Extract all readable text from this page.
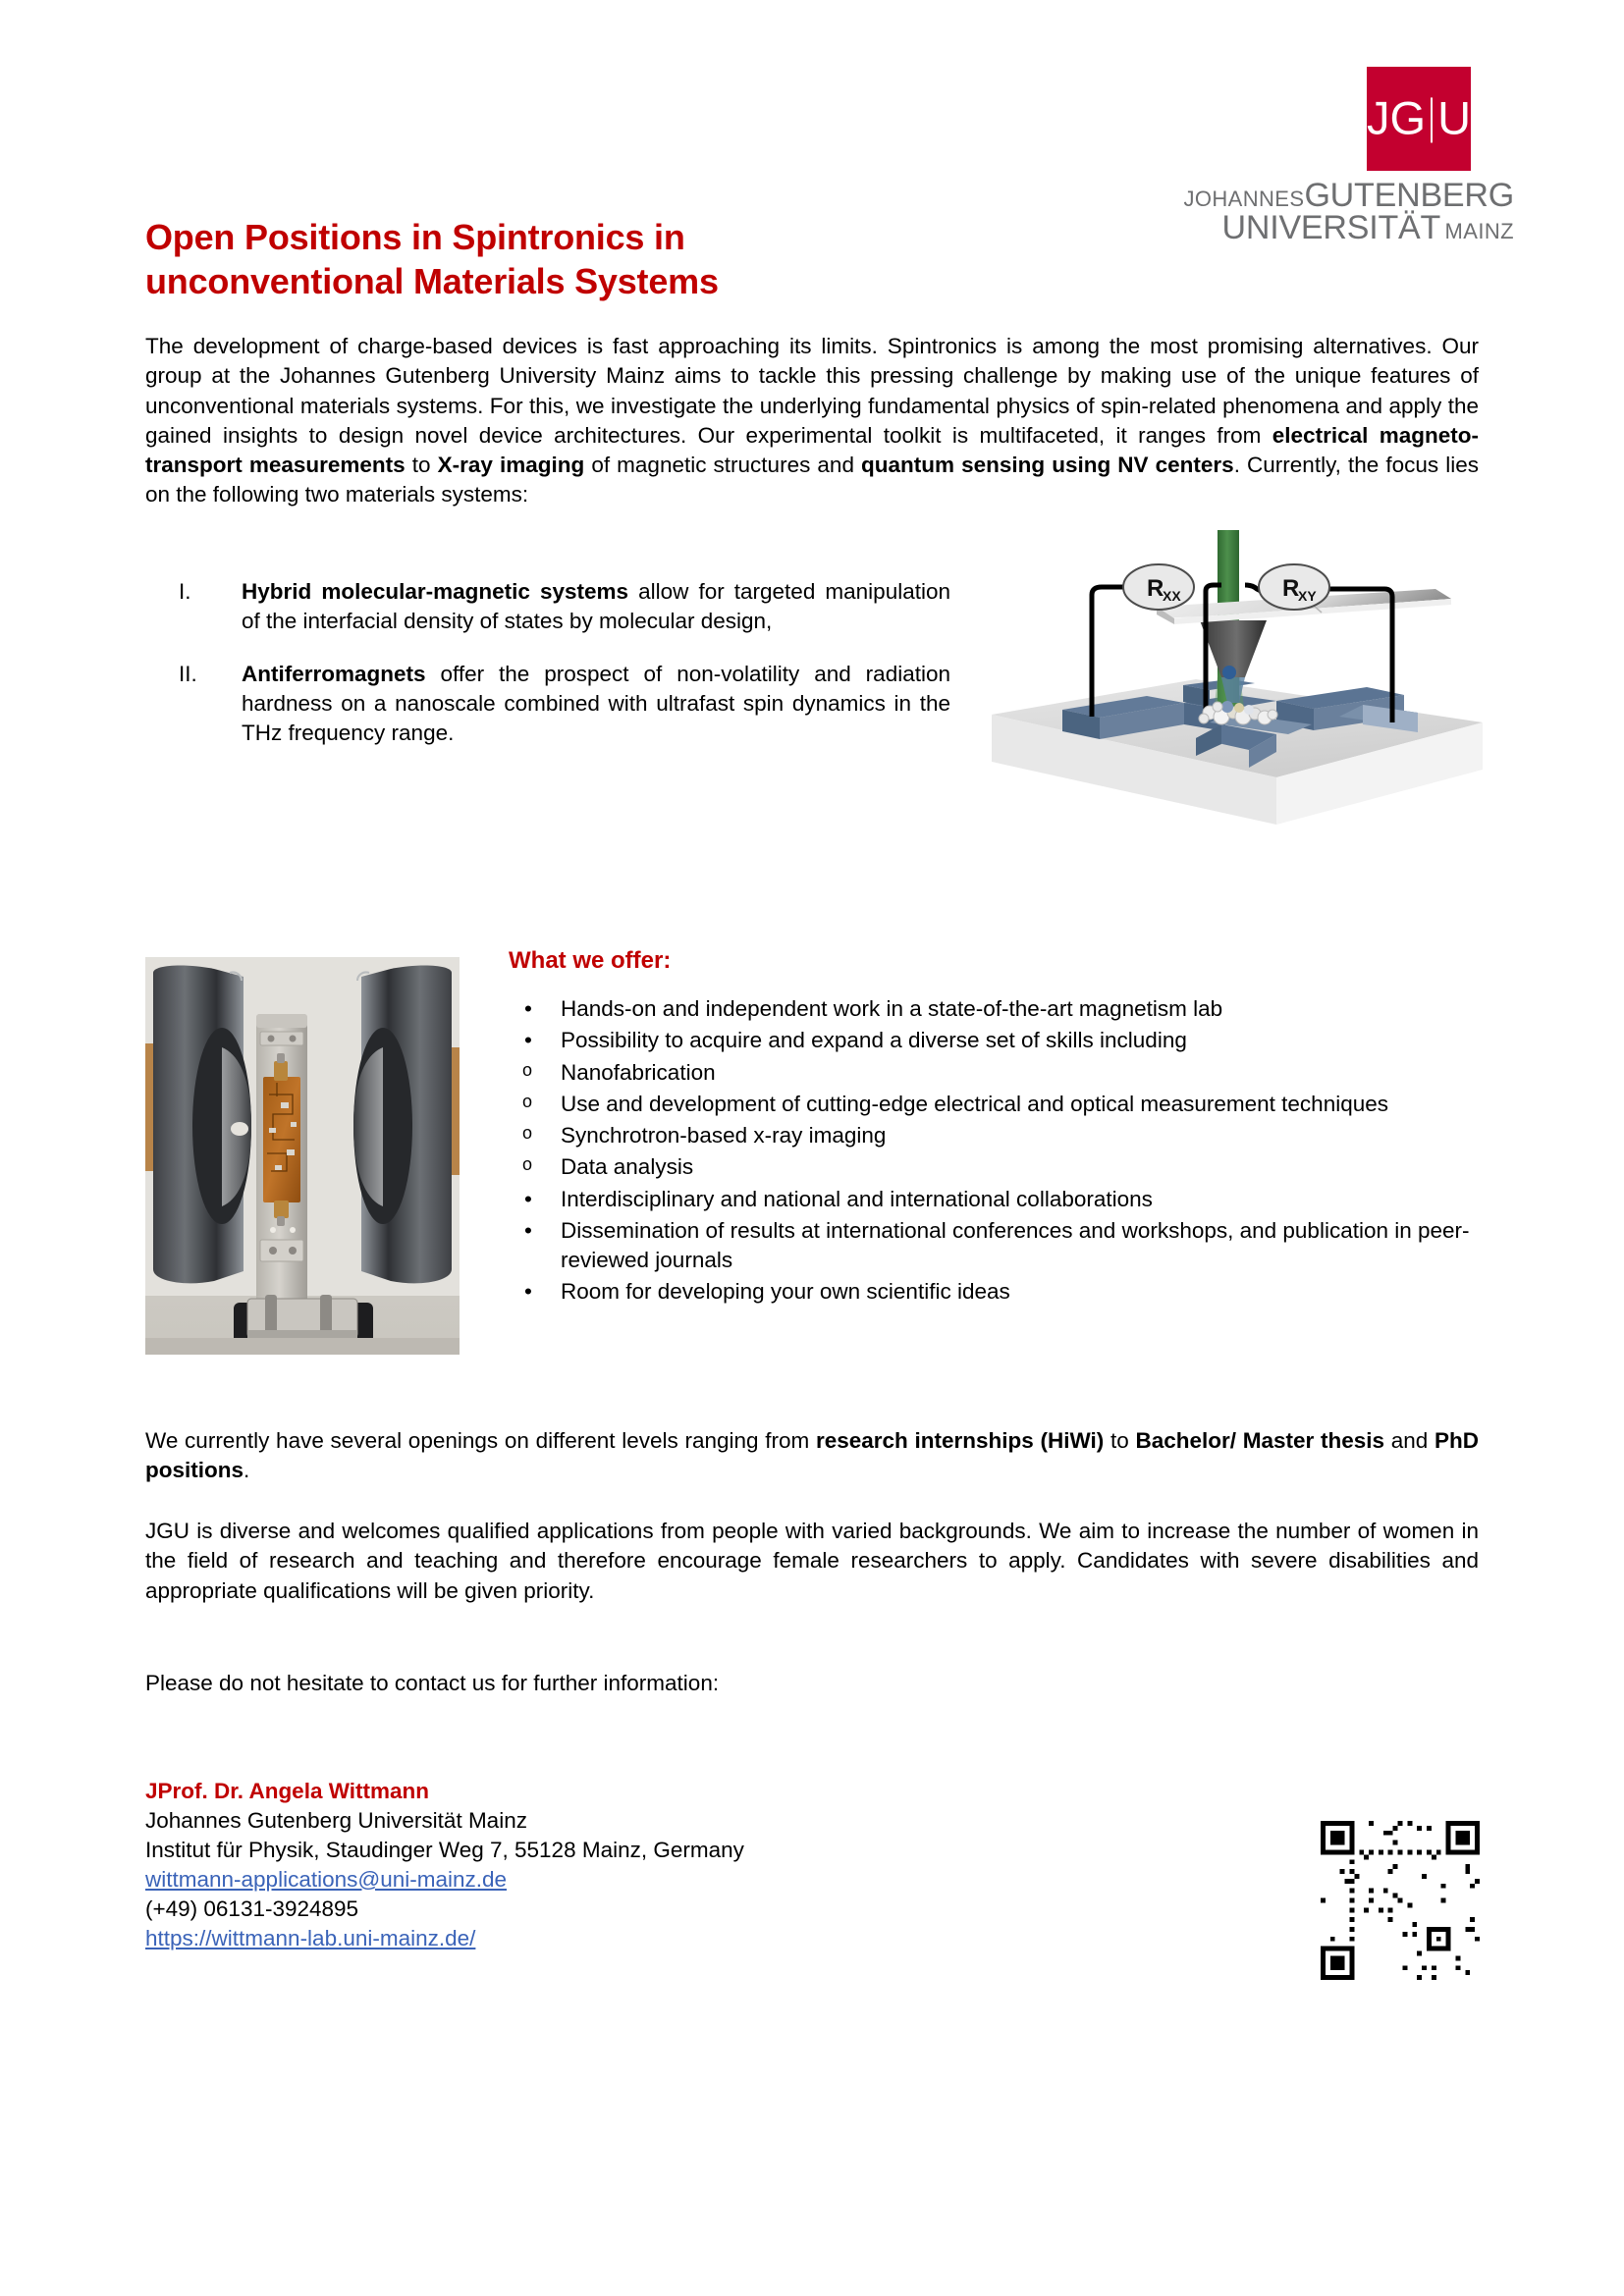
JG U
JOHANNESGUTENBERG
UNIVERSITÄT MAINZ
Open Positions in Spintronics in unconventional Materials Systems
The development of charge-based devices is fast approaching its limits. Spintronics is among the most promising alternatives. Our group at the Johannes Gutenberg University Mainz aims to tackle this pressing challenge by making use of the unique features of unconventional materials systems. For this, we investigate the underlying fundamental physics of spin-related phenomena and apply the gained insights to design novel device architectures. Our experimental toolkit is multifaceted, it ranges from electrical magneto-transport measurements to X-ray imaging of magnetic structures and quantum sensing using NV centers. Currently, the focus lies on the following two materials systems:
I.	Hybrid molecular-magnetic systems allow for targeted manipulation of the interfacial density of states by molecular design,
II.	Antiferromagnets offer the prospect of non-volatility and radiation hardness on a nanoscale combined with ultrafast spin dynamics in the THz frequency range.
R
XX	R
XY
What we offer:
• Hands-on and independent work in a state-of-the-art magnetism lab
• Possibility to acquire and expand a diverse set of skills including
o Nanofabrication
o Use and development of cutting-edge electrical and optical measurement techniques
o Synchrotron-based x-ray imaging
o Data analysis
• Interdisciplinary and national and international collaborations
• Dissemination of results at international conferences and workshops, and publication in peer-reviewed journals
• Room for developing your own scientific ideas
We currently have several openings on different levels ranging from research internships (HiWi) to Bachelor/ Master thesis and PhD positions.
JGU is diverse and welcomes qualified applications from people with varied backgrounds. We aim to increase the number of women in the field of research and teaching and therefore encourage female researchers to apply. Candidates with severe disabilities and appropriate qualifications will be given priority.
Please do not hesitate to contact us for further information:
JProf. Dr. Angela Wittmann
Johannes Gutenberg Universität Mainz
Institut für Physik, Staudinger Weg 7, 55128 Mainz, Germany
wittmann-applications@uni-mainz.de
(+49) 06131-3924895
https://wittmann-lab.uni-mainz.de/
